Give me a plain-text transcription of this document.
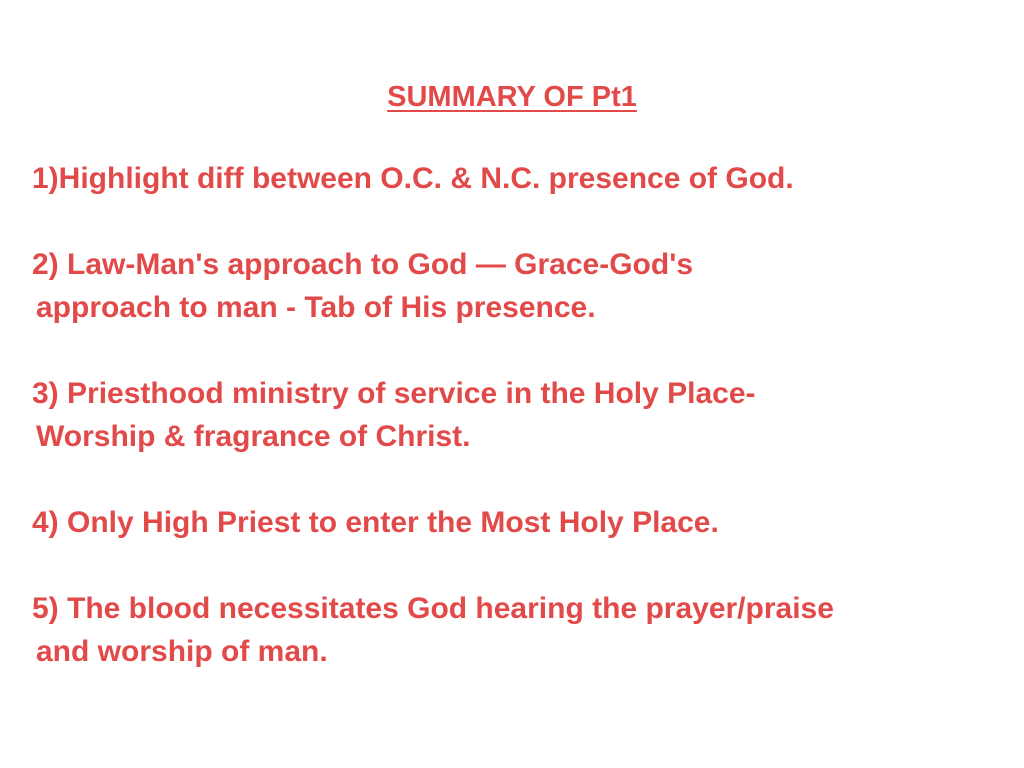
SUMMARY OF Pt1
1)Highlight diff between O.C. & N.C. presence of God.
2) Law-Man's approach to God — Grace-God's
approach to man - Tab of His presence.
3) Priesthood ministry of service in the Holy Place-
Worship & fragrance of Christ.
4) Only High Priest to enter the Most Holy Place.
5) The blood necessitates God hearing the prayer/praise
and worship of man.
